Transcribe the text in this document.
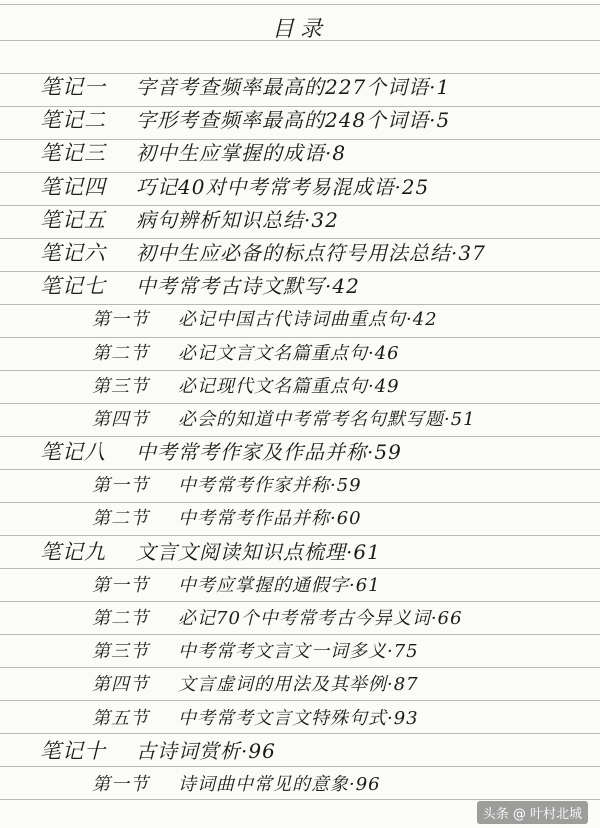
目录
笔记一 字音考查频率最高的227个词语·1
笔记二 字形考查频率最高的248个词语·5
笔记三 初中生应掌握的成语·8
笔记四 巧记40对中考常考易混成语·25
笔记五 病句辨析知识总结·32
笔记六 初中生应必备的标点符号用法总结·37
笔记七 中考常考古诗文默写·42
第一节 必记中国古代诗词曲重点句·42
第二节 必记文言文名篇重点句·46
第三节 必记现代文名篇重点句·49
第四节 必会的知道中考常考名句默写题·51
笔记八 中考常考作家及作品并称·59
第一节 中考常考作家并称·59
第二节 中考常考作品并称·60
笔记九 文言文阅读知识点梳理·61
第一节 中考应掌握的通假字·61
第二节 必记70个中考常考古今异义词·66
第三节 中考常考文言文一词多义·75
第四节 文言虚词的用法及其举例·87
第五节 中考常考文言文特殊句式·93
笔记十 古诗词赏析·96
第一节 诗词曲中常见的意象·96
头条 @ 叶村北城
